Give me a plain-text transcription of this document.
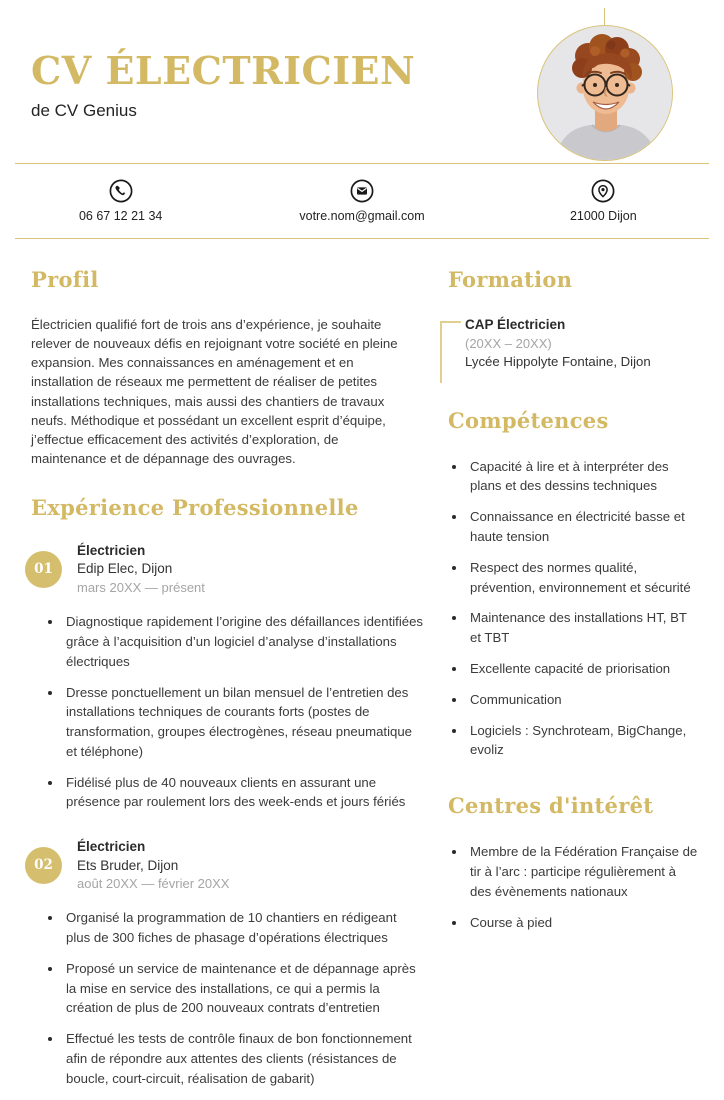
CV ÉLECTRICIEN
de CV Genius
06 67 12 21 34	votre.nom@gmail.com	21000 Dijon
Profil

Électricien qualifié fort de trois ans d’expérience, je souhaite relever de nouveaux défis en rejoignant votre société en pleine expansion. Mes connaissances en aménagement et en installation de réseaux me permettent de réaliser de petites installations techniques, mais aussi des chantiers de travaux neufs. Méthodique et possédant un excellent esprit d’équipe, j’effectue efficacement des activités d’exploration, de maintenance et de dépannage des ouvrages.

Expérience Professionnelle
01
Électricien
Edip Elec, Dijon
mars 20XX — présent
Diagnostique rapidement l’origine des défaillances identifiées grâce à l’acquisition d’un logiciel d’analyse d’installations électriques
Dresse ponctuellement un bilan mensuel de l’entretien des installations techniques de courants forts (postes de transformation, groupes électrogènes, réseau pneumatique et téléphone)
Fidélisé plus de 40 nouveaux clients en assurant une présence par roulement lors des week-ends et jours fériés
02
Électricien
Ets Bruder, Dijon
août 20XX — février 20XX
Organisé la programmation de 10 chantiers en rédigeant plus de 300 fiches de phasage d’opérations électriques
Proposé un service de maintenance et de dépannage après la mise en service des installations, ce qui a permis la création de plus de 200 nouveaux contrats d’entretien
Effectué les tests de contrôle finaux de bon fonctionnement afin de répondre aux attentes des clients (résistances de boucle, court-circuit, réalisation de gabarit)
Formation
CAP Électricien
(20XX – 20XX)
Lycée Hippolyte Fontaine, Dijon
Compétences
Capacité à lire et à interpréter des plans et des dessins techniques
Connaissance en électricité basse et haute tension
Respect des normes qualité, prévention, environnement et sécurité
Maintenance des installations HT, BT et TBT
Excellente capacité de priorisation
Communication
Logiciels : Synchroteam, BigChange, evoliz
Centres d'intérêt
Membre de la Fédération Française de tir à l’arc : participe régulièrement à des évènements nationaux
Course à pied
